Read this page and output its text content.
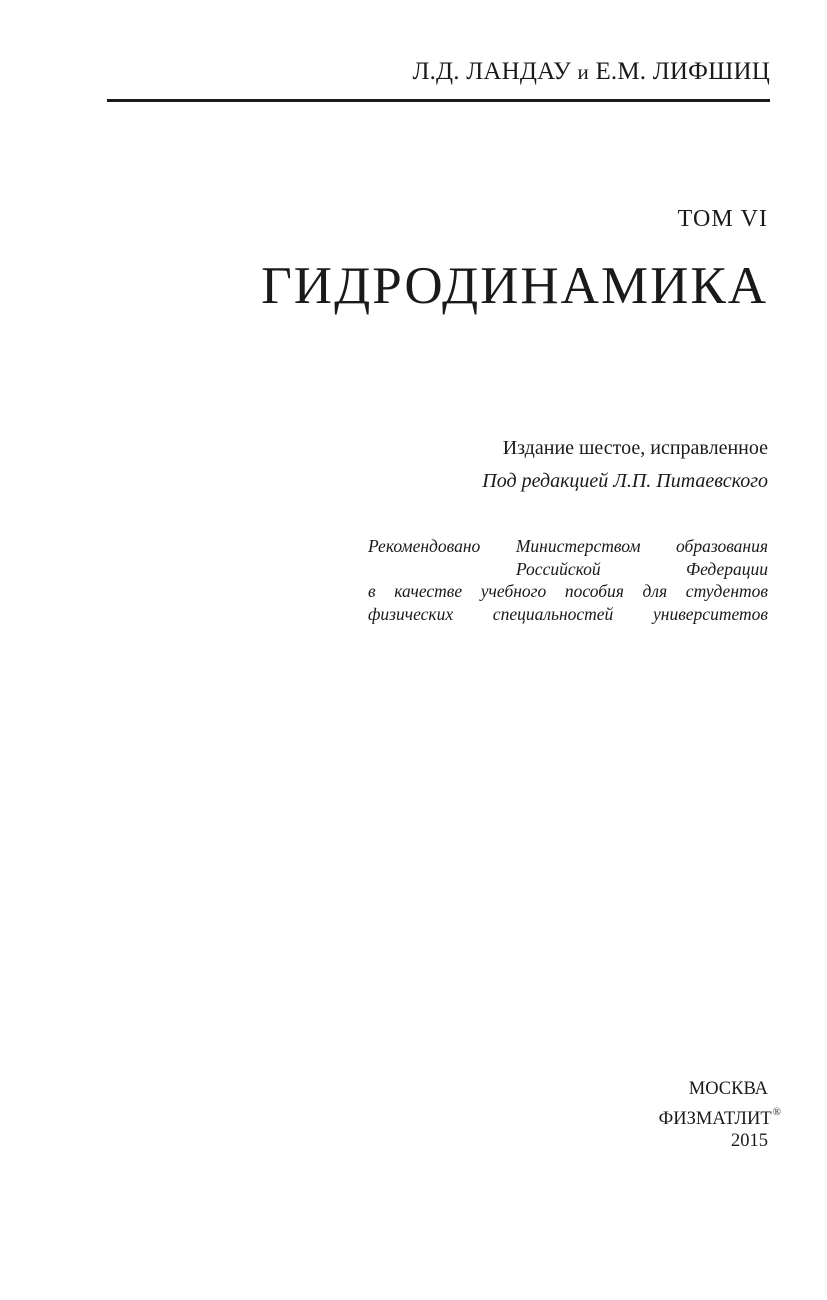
Л.Д. ЛАНДАУ и Е.М. ЛИФШИЦ
ТОМ VI
ГИДРОДИНАМИКА
Издание шестое, исправленное
Под редакцией Л.П. Питаевского
Рекомендовано Министерством образования
Российской Федерации
в качестве учебного пособия для студентов
физических специальностей университетов
МОСКВА
ФИЗМАТЛИТ®
2015
